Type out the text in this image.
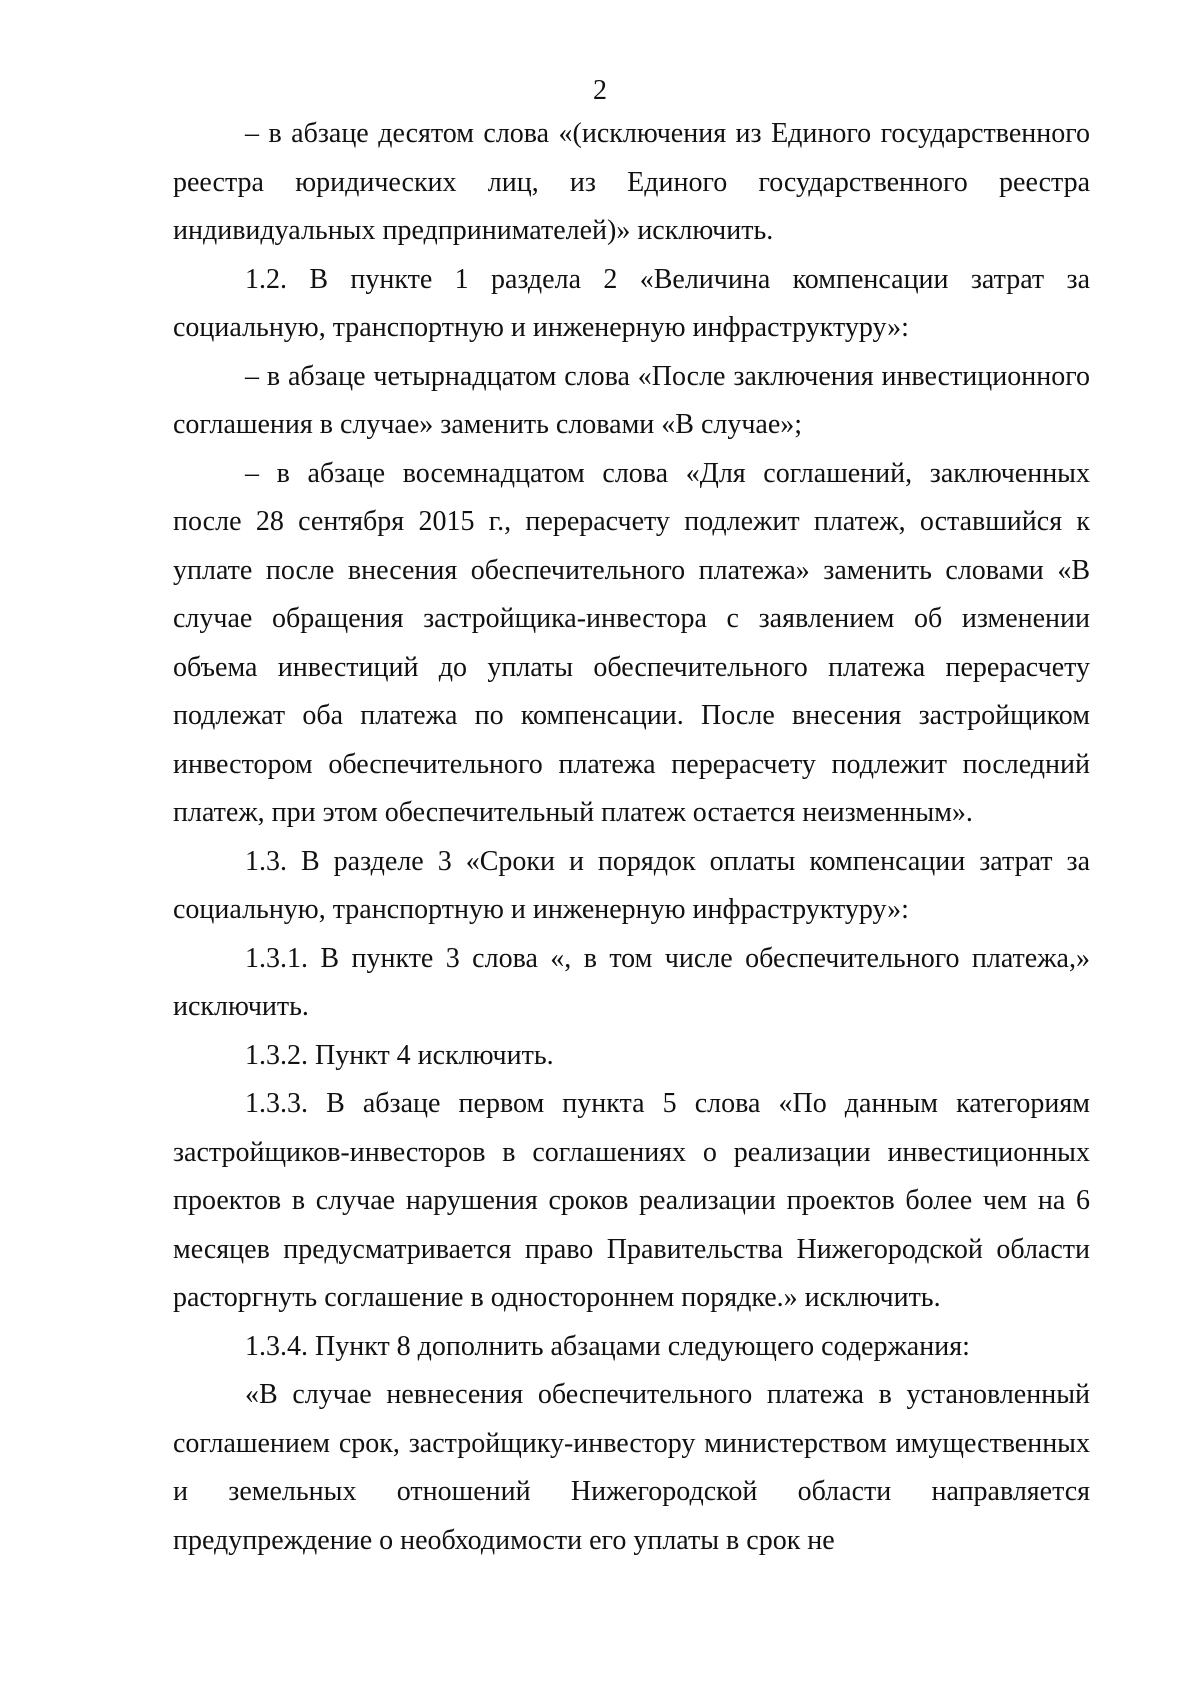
2

– в абзаце десятом слова «(исключения из Единого государственного реестра юридических лиц, из Единого государственного реестра индивидуальных предпринимателей)» исключить.

1.2. В пункте 1 раздела 2 «Величина компенсации затрат за социальную, транспортную и инженерную инфраструктуру»:

– в абзаце четырнадцатом слова «После заключения инвестиционного соглашения в случае» заменить словами «В случае»;

– в абзаце восемнадцатом слова «Для соглашений, заключенных после 28 сентября 2015 г., перерасчету подлежит платеж, оставшийся к уплате после внесения обеспечительного платежа» заменить словами «В случае обращения застройщика-инвестора с заявлением об изменении объема инвестиций до уплаты обеспечительного платежа перерасчету подлежат оба платежа по компенсации. После внесения застройщиком инвестором обеспечительного платежа перерасчету подлежит последний платеж, при этом обеспечительный платеж остается неизменным».

1.3. В разделе 3 «Сроки и порядок оплаты компенсации затрат за социальную, транспортную и инженерную инфраструктуру»:

1.3.1. В пункте 3 слова «, в том числе обеспечительного платежа,» исключить.

1.3.2. Пункт 4 исключить.

1.3.3. В абзаце первом пункта 5 слова «По данным категориям застройщиков-инвесторов в соглашениях о реализации инвестиционных проектов в случае нарушения сроков реализации проектов более чем на 6 месяцев предусматривается право Правительства Нижегородской области расторгнуть соглашение в одностороннем порядке.» исключить.

1.3.4. Пункт 8 дополнить абзацами следующего содержания:

«В случае невнесения обеспечительного платежа в установленный соглашением срок, застройщику-инвестору министерством имущественных и земельных отношений Нижегородской области направляется предупреждение о необходимости его уплаты в срок не
